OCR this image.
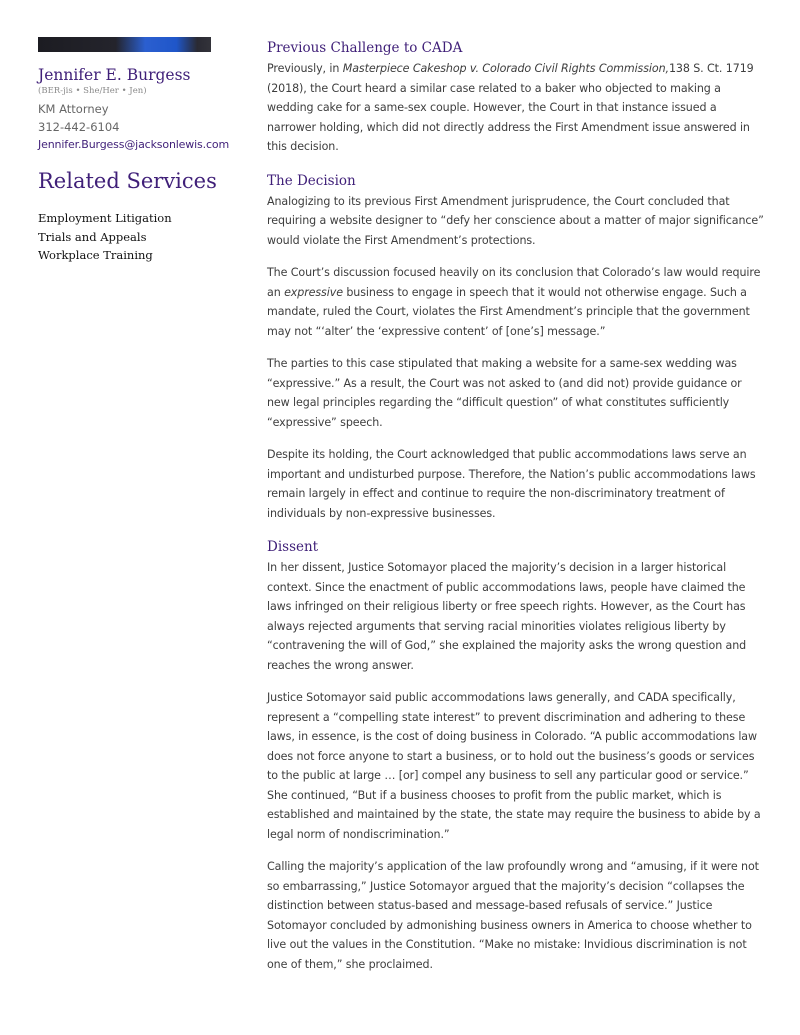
Jennifer E. Burgess
(BER-jis • She/Her • Jen)
KM Attorney
312-442-6104
Jennifer.Burgess@jacksonlewis.com
Related Services
Employment Litigation
Trials and Appeals
Workplace Training
Previous Challenge to CADA

Previously, in Masterpiece Cakeshop v. Colorado Civil Rights Commission,138 S. Ct. 1719 (2018), the Court heard a similar case related to a baker who objected to making a wedding cake for a same-sex couple. However, the Court in that instance issued a narrower holding, which did not directly address the First Amendment issue answered in this decision.

The Decision

Analogizing to its previous First Amendment jurisprudence, the Court concluded that requiring a website designer to “defy her conscience about a matter of major significance” would violate the First Amendment’s protections.

The Court’s discussion focused heavily on its conclusion that Colorado’s law would require an expressive business to engage in speech that it would not otherwise engage. Such a mandate, ruled the Court, violates the First Amendment’s principle that the government may not “‘alter’ the ‘expressive content’ of [one’s] message.”

The parties to this case stipulated that making a website for a same-sex wedding was “expressive.” As a result, the Court was not asked to (and did not) provide guidance or new legal principles regarding the “difficult question” of what constitutes sufficiently “expressive” speech.

Despite its holding, the Court acknowledged that public accommodations laws serve an important and undisturbed purpose. Therefore, the Nation’s public accommodations laws remain largely in effect and continue to require the non-discriminatory treatment of individuals by non-expressive businesses.

Dissent

In her dissent, Justice Sotomayor placed the majority’s decision in a larger historical context. Since the enactment of public accommodations laws, people have claimed the laws infringed on their religious liberty or free speech rights. However, as the Court has always rejected arguments that serving racial minorities violates religious liberty by “contravening the will of God,” she explained the majority asks the wrong question and reaches the wrong answer.

Justice Sotomayor said public accommodations laws generally, and CADA specifically, represent a “compelling state interest” to prevent discrimination and adhering to these laws, in essence, is the cost of doing business in Colorado. “A public accommodations law does not force anyone to start a business, or to hold out the business’s goods or services to the public at large … [or] compel any business to sell any particular good or service.” She continued, “But if a business chooses to profit from the public market, which is established and maintained by the state, the state may require the business to abide by a legal norm of nondiscrimination.”

Calling the majority’s application of the law profoundly wrong and “amusing, if it were not so embarrassing,” Justice Sotomayor argued that the majority’s decision “collapses the distinction between status-based and message-based refusals of service.” Justice Sotomayor concluded by admonishing business owners in America to choose whether to live out the values in the Constitution. “Make no mistake: Invidious discrimination is not one of them,” she proclaimed.
